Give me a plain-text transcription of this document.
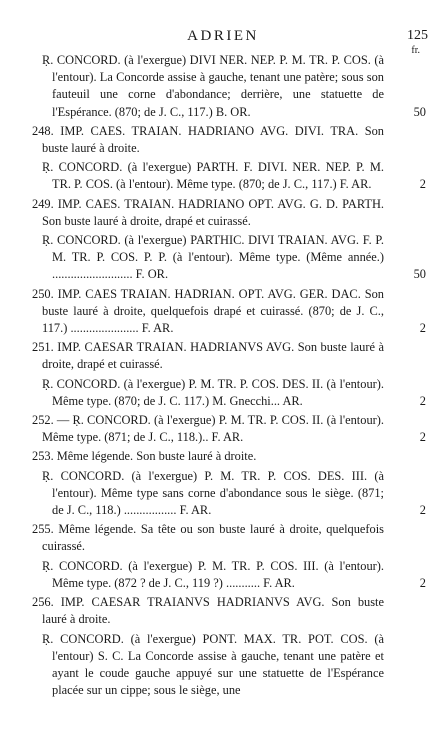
ADRIEN	125
fr.
Ṛ. CONCORD. (à l'exergue) DIVI NER. NEP. P. M. TR. P. COS. (à l'entour). La Concorde assise à gauche, tenant une patère; sous son fauteuil une corne d'abondance; derrière, une statuette de l'Espérance. (870; de J. C., 117.) B. OR.	50
248. IMP. CAES. TRAIAN. HADRIANO AVG. DIVI. TRA. Son buste lauré à droite.
Ṛ. CONCORD. (à l'exergue) PARTH. F. DIVI. NER. NEP. P. M. TR. P. COS. (à l'entour). Même type. (870; de J. C., 117.) F. AR.	2
249. IMP. CAES. TRAIAN. HADRIANO OPT. AVG. G. D. PARTH. Son buste lauré à droite, drapé et cuirassé.
Ṛ. CONCORD. (à l'exergue) PARTHIC. DIVI TRAIAN. AVG. F. P. M. TR. P. COS. P. P. (à l'entour). Même type. (Même année.) .......................... F. OR.	50
250. IMP. CAES TRAIAN. HADRIAN. OPT. AVG. GER. DAC. Son buste lauré à droite, quelquefois drapé et cuirassé. (870; de J. C., 117.) ...................... F. AR.	2
251. IMP. CAESAR TRAIAN. HADRIANVS AVG. Son buste lauré à droite, drapé et cuirassé.
Ṛ. CONCORD. (à l'exergue) P. M. TR. P. COS. DES. II. (à l'entour). Même type. (870; de J. C. 117.) M. Gnecchi... AR.	2
252. — Ṛ. CONCORD. (à l'exergue) P. M. TR. P. COS. II. (à l'entour). Même type. (871; de J. C., 118.).. F. AR.	2
253. Même légende. Son buste lauré à droite.
Ṛ. CONCORD. (à l'exergue) P. M. TR. P. COS. DES. III. (à l'entour). Même type sans corne d'abondance sous le siège. (871; de J. C., 118.) ................. F. AR.	2
255. Même légende. Sa tête ou son buste lauré à droite, quelquefois cuirassé.
Ṛ. CONCORD. (à l'exergue) P. M. TR. P. COS. III. (à l'entour). Même type. (872 ? de J. C., 119 ?) ........... F. AR.	2
256. IMP. CAESAR TRAIANVS HADRIANVS AVG. Son buste lauré à droite.
Ṛ. CONCORD. (à l'exergue) PONT. MAX. TR. POT. COS. (à l'entour) S. C. La Concorde assise à gauche, tenant une patère et ayant le coude gauche appuyé sur une statuette de l'Espérance placée sur un cippe; sous le siège, une
